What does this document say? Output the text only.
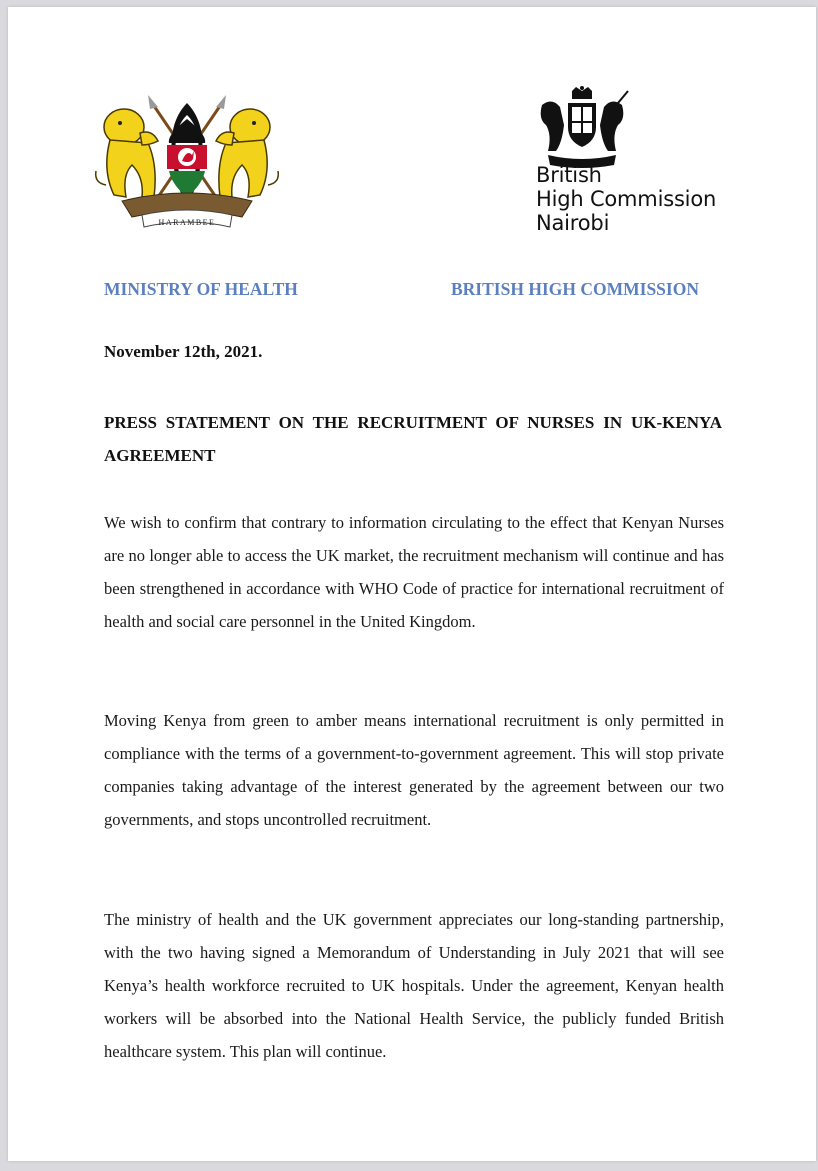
HARAMBEE
British
High Commission
Nairobi
MINISTRY OF HEALTH	BRITISH HIGH COMMISSION
November 12th, 2021.
PRESS STATEMENT ON THE RECRUITMENT OF NURSES IN UK-KENYA AGREEMENT

We wish to confirm that contrary to information circulating to the effect that Kenyan Nurses are no longer able to access the UK market, the recruitment mechanism will continue and has been strengthened in accordance with WHO Code of practice for international recruitment of health and social care personnel in the United Kingdom.

Moving Kenya from green to amber means international recruitment is only permitted in compliance with the terms of a government-to-government agreement. This will stop private companies taking advantage of the interest generated by the agreement between our two governments, and stops uncontrolled recruitment.

The ministry of health and the UK government appreciates our long-standing partnership, with the two having signed a Memorandum of Understanding in July 2021 that will see Kenya’s health workforce recruited to UK hospitals. Under the agreement, Kenyan health workers will be absorbed into the National Health Service, the publicly funded British healthcare system. This plan will continue.
